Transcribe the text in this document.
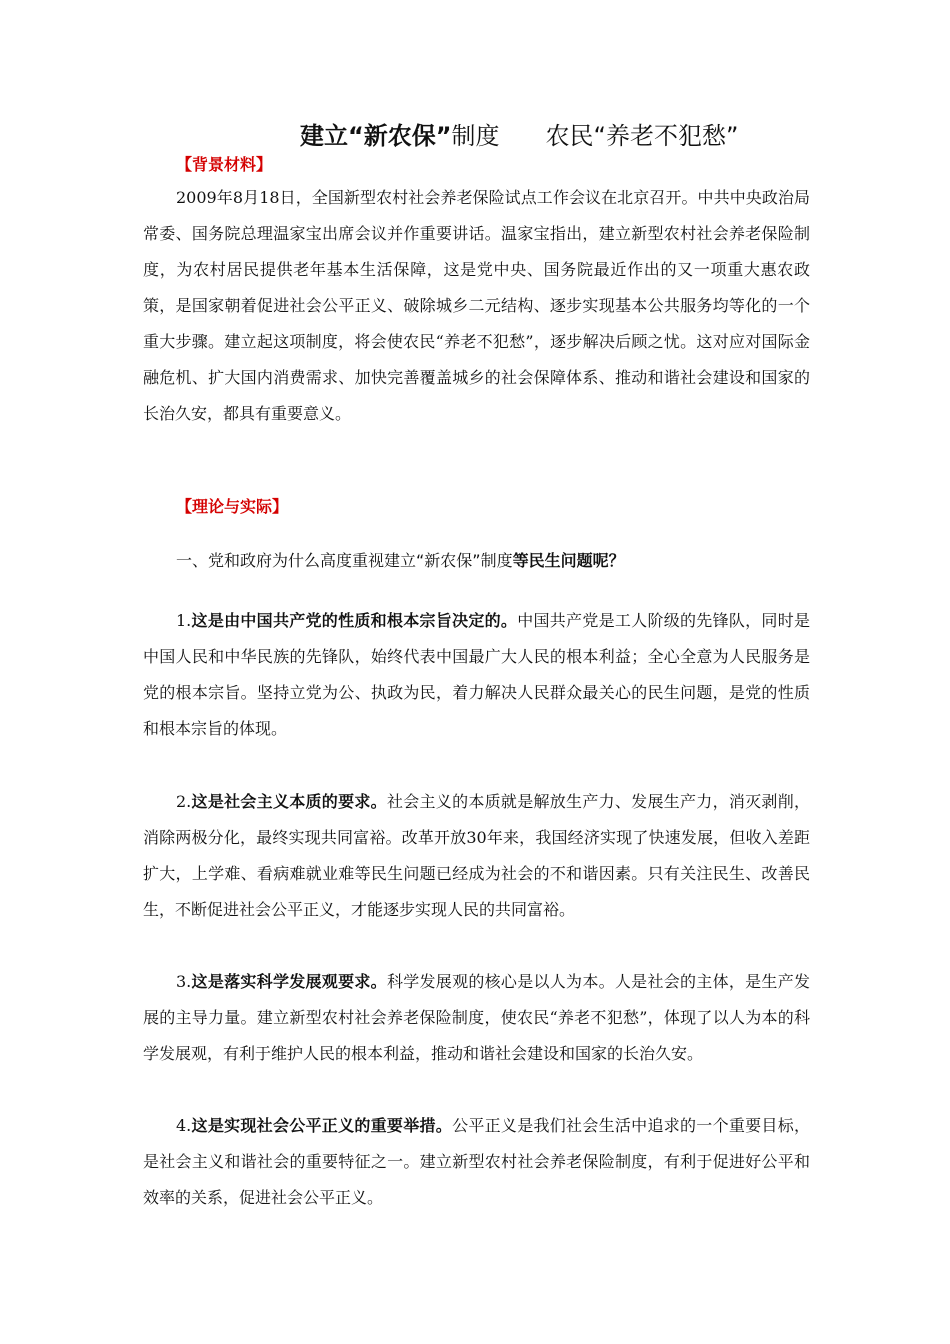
建立“新农保”制度 农民“养老不犯愁”
【背景材料】
2009年8月18日，全国新型农村社会养老保险试点工作会议在北京召开。中共中央政治局常委、国务院总理温家宝出席会议并作重要讲话。温家宝指出，建立新型农村社会养老保险制度，为农村居民提供老年基本生活保障，这是党中央、国务院最近作出的又一项重大惠农政策，是国家朝着促进社会公平正义、破除城乡二元结构、逐步实现基本公共服务均等化的一个重大步骤。建立起这项制度，将会使农民“养老不犯愁”，逐步解决后顾之忧。这对应对国际金融危机、扩大国内消费需求、加快完善覆盖城乡的社会保障体系、推动和谐社会建设和国家的长治久安，都具有重要意义。
【理论与实际】
一、党和政府为什么高度重视建立“新农保”制度等民生问题呢？
1.这是由中国共产党的性质和根本宗旨决定的。中国共产党是工人阶级的先锋队，同时是中国人民和中华民族的先锋队，始终代表中国最广大人民的根本利益；全心全意为人民服务是党的根本宗旨。坚持立党为公、执政为民，着力解决人民群众最关心的民生问题，是党的性质和根本宗旨的体现。
2.这是社会主义本质的要求。社会主义的本质就是解放生产力、发展生产力，消灭剥削，消除两极分化，最终实现共同富裕。改革开放30年来，我国经济实现了快速发展，但收入差距扩大，上学难、看病难就业难等民生问题已经成为社会的不和谐因素。只有关注民生、改善民生，不断促进社会公平正义，才能逐步实现人民的共同富裕。
3.这是落实科学发展观要求。科学发展观的核心是以人为本。人是社会的主体，是生产发展的主导力量。建立新型农村社会养老保险制度，使农民“养老不犯愁”，体现了以人为本的科学发展观，有利于维护人民的根本利益，推动和谐社会建设和国家的长治久安。
4.这是实现社会公平正义的重要举措。公平正义是我们社会生活中追求的一个重要目标，是社会主义和谐社会的重要特征之一。建立新型农村社会养老保险制度，有利于促进好公平和效率的关系，促进社会公平正义。
